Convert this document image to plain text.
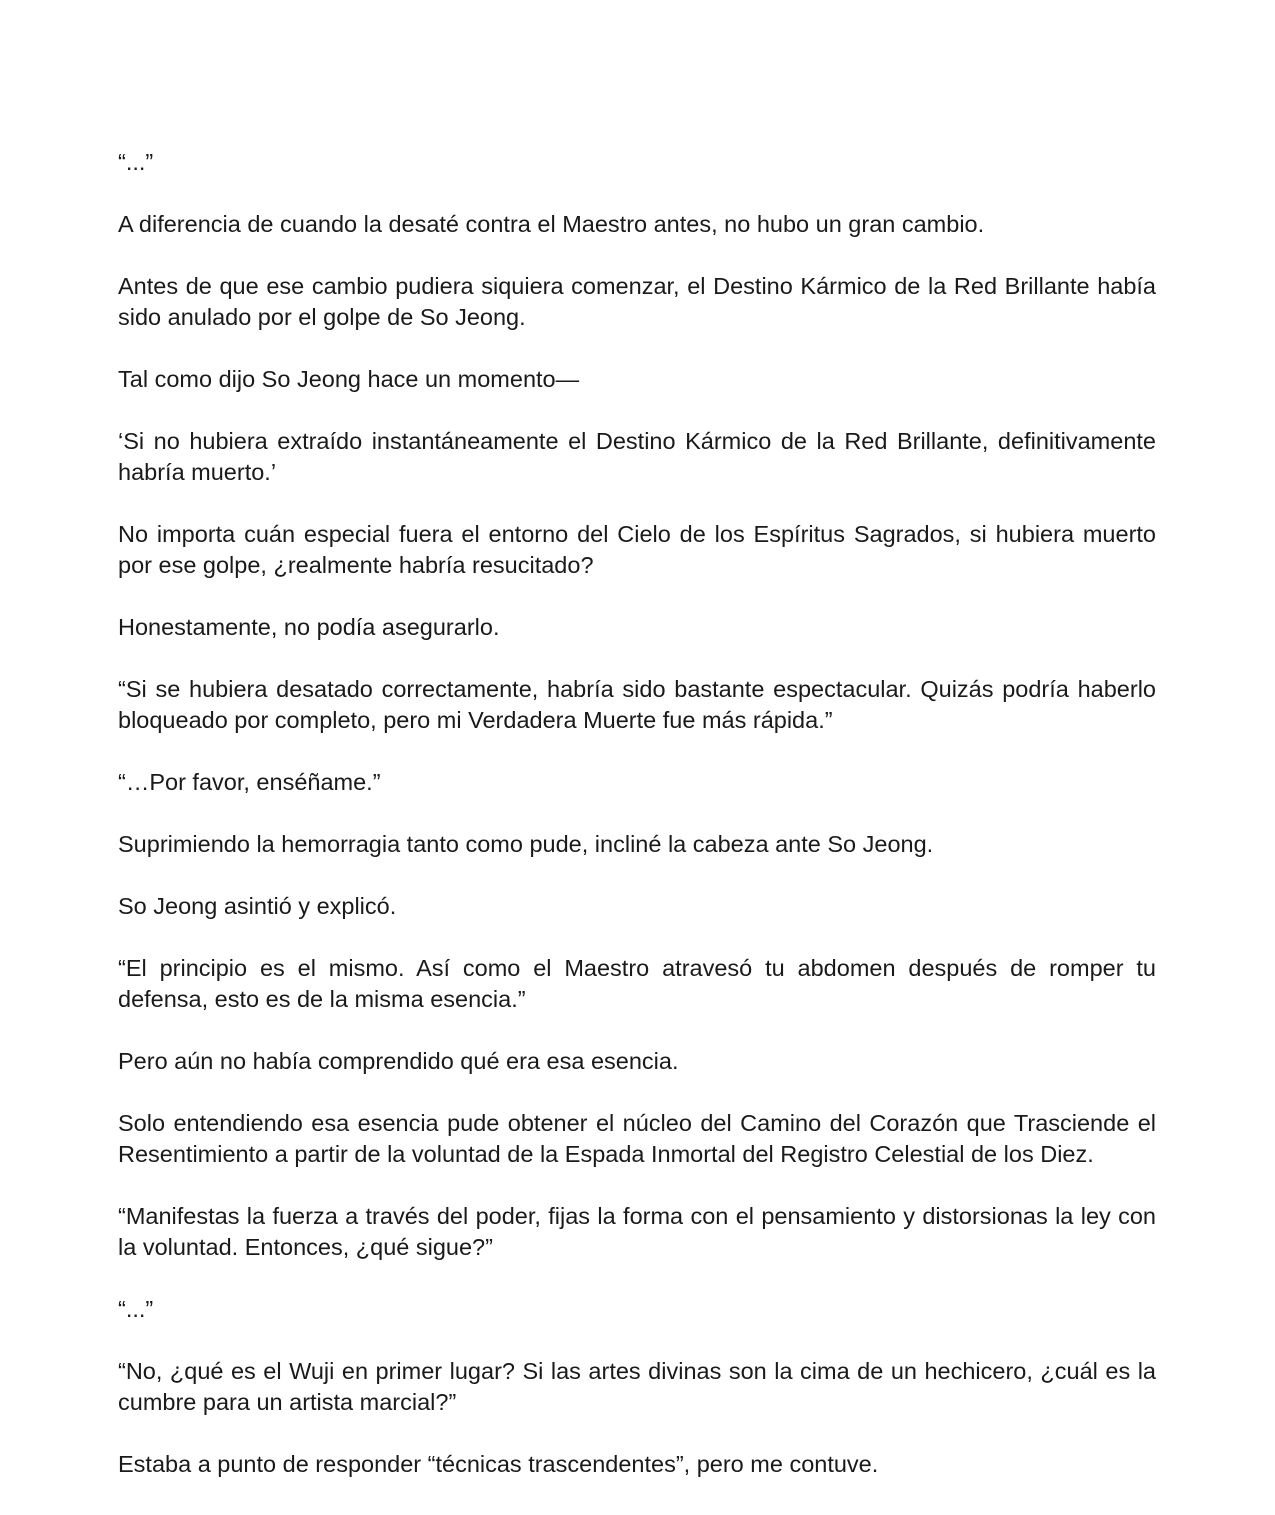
“...”

A diferencia de cuando la desaté contra el Maestro antes, no hubo un gran cambio.

Antes de que ese cambio pudiera siquiera comenzar, el Destino Kármico de la Red Brillante había sido anulado por el golpe de So Jeong.

Tal como dijo So Jeong hace un momento—

‘Si no hubiera extraído instantáneamente el Destino Kármico de la Red Brillante, definitivamente habría muerto.’

No importa cuán especial fuera el entorno del Cielo de los Espíritus Sagrados, si hubiera muerto por ese golpe, ¿realmente habría resucitado?

Honestamente, no podía asegurarlo.

“Si se hubiera desatado correctamente, habría sido bastante espectacular. Quizás podría haberlo bloqueado por completo, pero mi Verdadera Muerte fue más rápida.”

“…Por favor, enséñame.”

Suprimiendo la hemorragia tanto como pude, incliné la cabeza ante So Jeong.

So Jeong asintió y explicó.

“El principio es el mismo. Así como el Maestro atravesó tu abdomen después de romper tu defensa, esto es de la misma esencia.”

Pero aún no había comprendido qué era esa esencia.

Solo entendiendo esa esencia pude obtener el núcleo del Camino del Corazón que Trasciende el Resentimiento a partir de la voluntad de la Espada Inmortal del Registro Celestial de los Diez.

“Manifestas la fuerza a través del poder, fijas la forma con el pensamiento y distorsionas la ley con la voluntad. Entonces, ¿qué sigue?”

“...”

“No, ¿qué es el Wuji en primer lugar? Si las artes divinas son la cima de un hechicero, ¿cuál es la cumbre para un artista marcial?”

Estaba a punto de responder “técnicas trascendentes”, pero me contuve.
